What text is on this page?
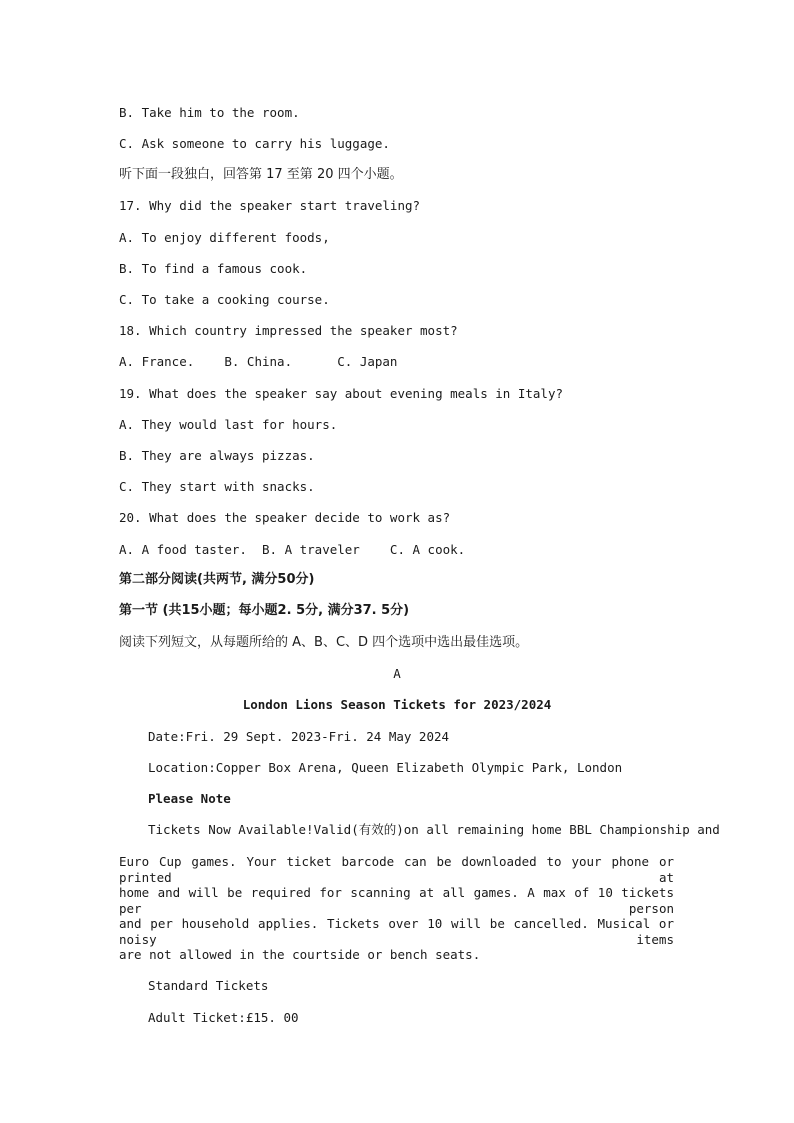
B. Take him to the room.
C. Ask someone to carry his luggage.
听下面一段独白，回答第 17 至第 20 四个小题。
17. Why did the speaker start traveling?
A. To enjoy different foods,
B. To find a famous cook.
C. To take a cooking course.
18. Which country impressed the speaker most?
A. France.    B. China.      C. Japan
19. What does the speaker say about evening meals in Italy?
A. They would last for hours.
B. They are always pizzas.
C. They start with snacks.
20. What does the speaker decide to work as?
A. A food taster.  B. A traveler    C. A cook.
第二部分阅读(共两节, 满分50分)
第一节 (共15小题；每小题2. 5分, 满分37. 5分)
阅读下列短文，从每题所给的 A、B、C、D 四个选项中选出最佳选项。
A
London Lions Season Tickets for 2023/2024
Date:Fri. 29 Sept. 2023-Fri. 24 May 2024
Location:Copper Box Arena, Queen Elizabeth Olympic Park, London
Please Note
Tickets Now Available!Valid(有效的)on all remaining home BBL Championship and
Euro Cup games. Your ticket barcode can be downloaded to your phone or printed at
home and will be required for scanning at all games. A max of 10 tickets per person
and per household applies. Tickets over 10 will be cancelled. Musical or noisy items
are not allowed in the courtside or bench seats.
Standard Tickets
Adult Ticket:£15. 00
